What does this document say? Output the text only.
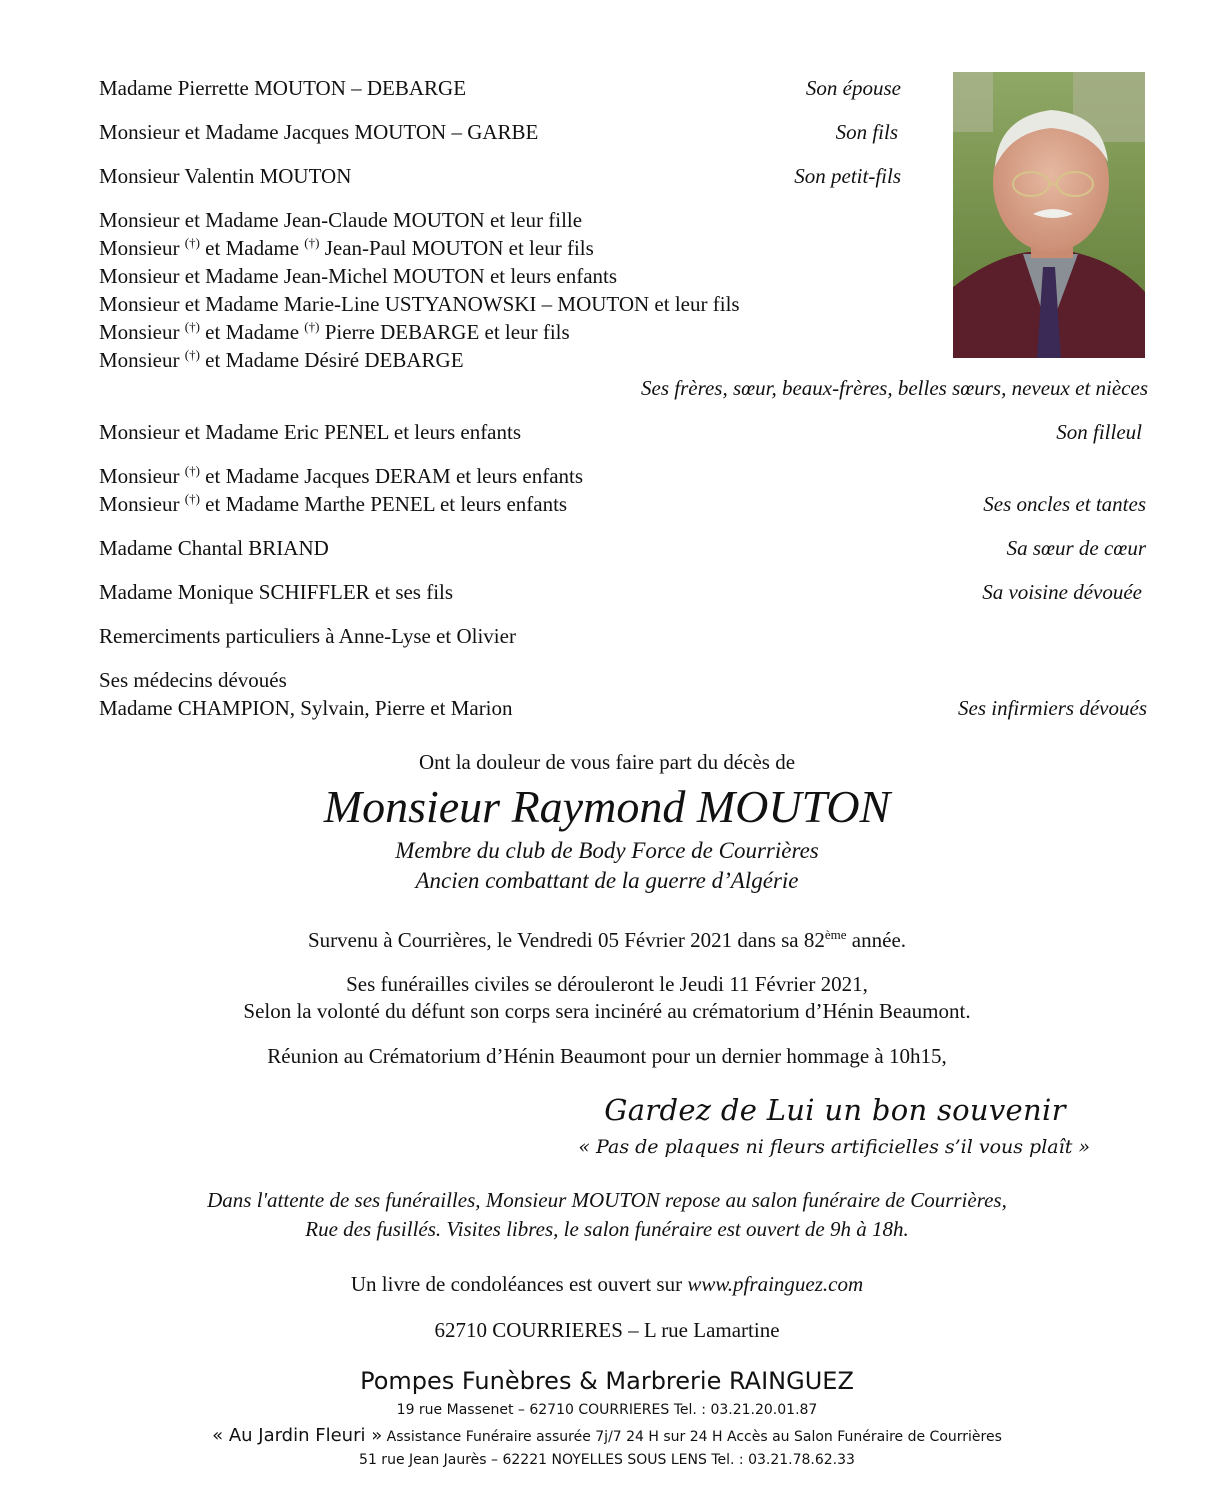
Madame Pierrette MOUTON – DEBARGE	Son épouse
Monsieur et Madame Jacques MOUTON – GARBE	Son fils
Monsieur Valentin MOUTON	Son petit-fils
Monsieur et Madame Jean-Claude MOUTON et leur fille
Monsieur (†) et Madame (†) Jean-Paul MOUTON et leur fils
Monsieur et Madame Jean-Michel MOUTON et leurs enfants
Monsieur et Madame Marie-Line USTYANOWSKI – MOUTON et leur fils
Monsieur (†) et Madame (†) Pierre DEBARGE et leur fils
Monsieur (†) et Madame Désiré DEBARGE
Ses frères, sœur, beaux-frères, belles sœurs, neveux et nièces
Monsieur et Madame Eric PENEL et leurs enfants	Son filleul
Monsieur (†) et Madame Jacques DERAM et leurs enfants
Monsieur (†) et Madame Marthe PENEL et leurs enfants	Ses oncles et tantes
Madame Chantal BRIAND	Sa sœur de cœur
Madame Monique SCHIFFLER et ses fils	Sa voisine dévouée
Remerciments particuliers à Anne-Lyse et Olivier
Ses médecins dévoués
Madame CHAMPION, Sylvain, Pierre et Marion	Ses infirmiers dévoués
Ont la douleur de vous faire part du décès de
Monsieur Raymond MOUTON
Membre du club de Body Force de Courrières
Ancien combattant de la guerre d’Algérie
Survenu à Courrières, le Vendredi 05 Février 2021 dans sa 82ème année.
Ses funérailles civiles se dérouleront le Jeudi 11 Février 2021,
Selon la volonté du défunt son corps sera incinéré au crématorium d’Hénin Beaumont.
Réunion au Crématorium d’Hénin Beaumont pour un dernier hommage à 10h15,
Gardez de Lui un bon souvenir
« Pas de plaques ni fleurs artificielles s’il vous plaît »
Dans l'attente de ses funérailles, Monsieur MOUTON repose au salon funéraire de Courrières,
Rue des fusillés. Visites libres, le salon funéraire est ouvert de 9h à 18h.
Un livre de condoléances est ouvert sur www.pfrainguez.com
62710 COURRIERES – L rue Lamartine
Pompes Funèbres & Marbrerie RAINGUEZ
19 rue Massenet – 62710 COURRIERES Tel. : 03.21.20.01.87
« Au Jardin Fleuri » Assistance Funéraire assurée 7j/7 24 H sur 24 H Accès au Salon Funéraire de Courrières
51 rue Jean Jaurès – 62221 NOYELLES SOUS LENS Tel. : 03.21.78.62.33
